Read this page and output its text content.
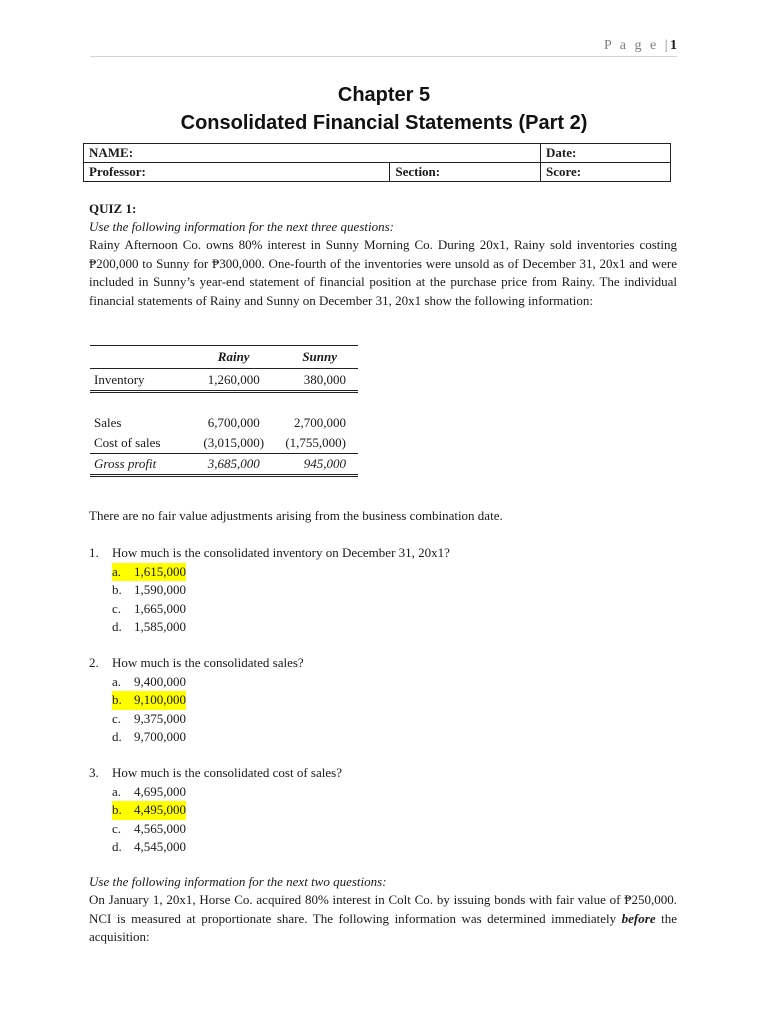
P a g e |1
Chapter 5
Consolidated Financial Statements (Part 2)
NAME:		Date:
Professor:	Section:	Score:
QUIZ 1:
Use the following information for the next three questions:
Rainy Afternoon Co. owns 80% interest in Sunny Morning Co. During 20x1, Rainy sold inventories costing ₱200,000 to Sunny for ₱300,000. One-fourth of the inventories were unsold as of December 31, 20x1 and were included in Sunny’s year-end statement of financial position at the purchase price from Rainy. The individual financial statements of Rainy and Sunny on December 31, 20x1 show the following information:
	Rainy	Sunny
Inventory	1,260,000	380,000

Sales	6,700,000	2,700,000
Cost of sales	(3,015,000)	(1,755,000)
Gross profit	3,685,000	945,000
There are no fair value adjustments arising from the business combination date.
1.	How much is the consolidated inventory on December 31, 20x1?
a. 1,615,000
b. 1,590,000
c. 1,665,000
d. 1,585,000
2.	How much is the consolidated sales?
a. 9,400,000
b. 9,100,000
c. 9,375,000
d. 9,700,000
3.	How much is the consolidated cost of sales?
a. 4,695,000
b. 4,495,000
c. 4,565,000
d. 4,545,000
Use the following information for the next two questions:
On January 1, 20x1, Horse Co. acquired 80% interest in Colt Co. by issuing bonds with fair value of ₱250,000. NCI is measured at proportionate share. The following information was determined immediately before the acquisition:
